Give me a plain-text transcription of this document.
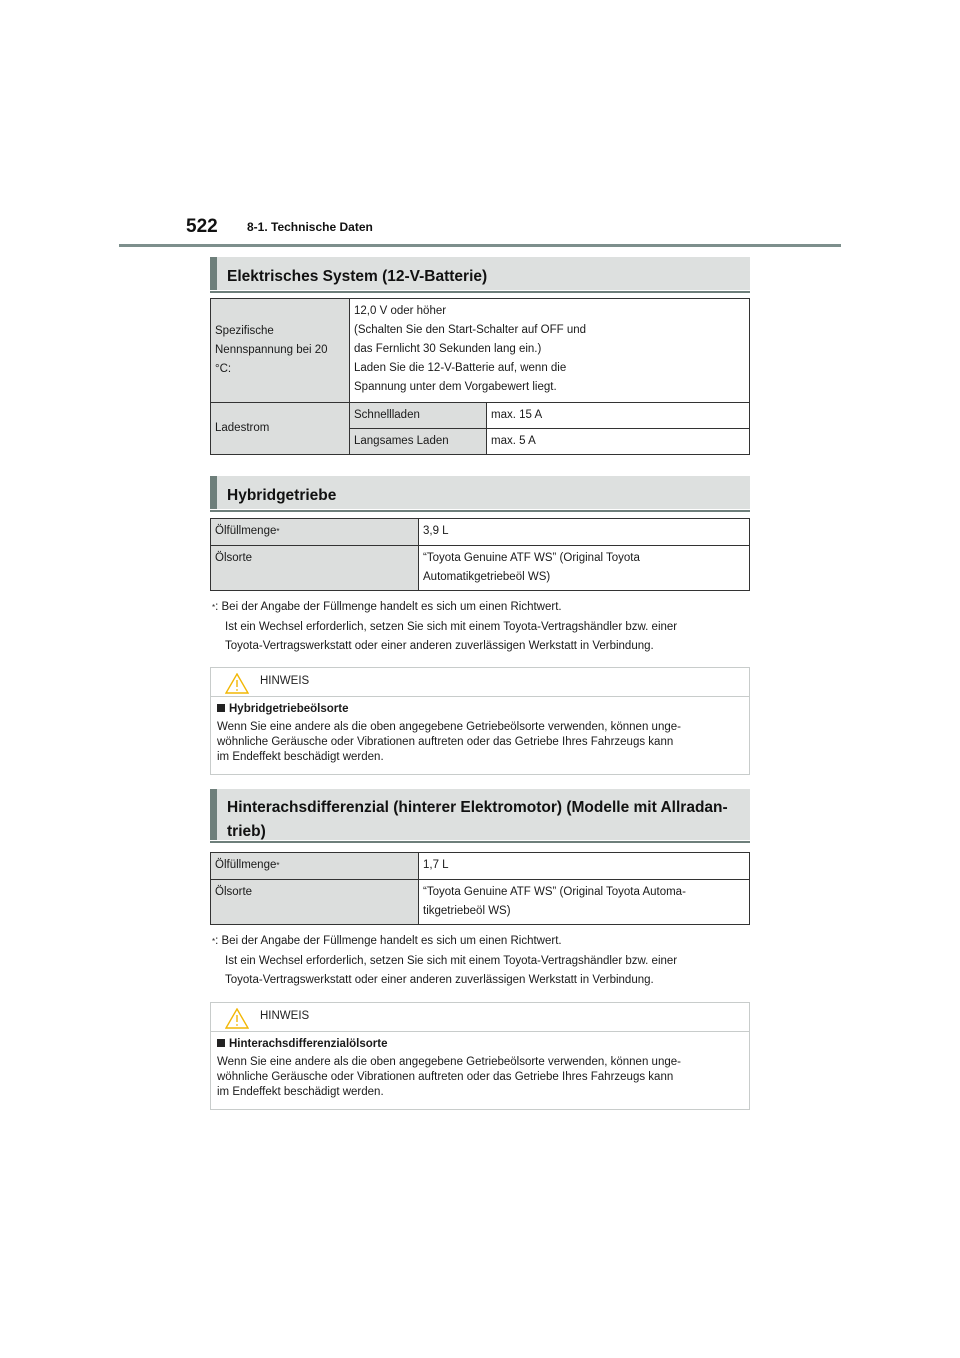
522 8-1. Technische Daten
Elektrisches System (12-V-Batterie)
Spezifische Nennspannung bei 20 °C:	12,0 V oder höher
(Schalten Sie den Start-Schalter auf OFF und
das Fernlicht 30 Sekunden lang ein.)
Laden Sie die 12-V-Batterie auf, wenn die
Spannung unter dem Vorgabewert liegt.	

Ladestrom	Schnellladen	max. 15 A
	Langsames Laden	max. 5 A
Hybridgetriebe
Ölfüllmenge*	3,9 L
Ölsorte	“Toyota Genuine ATF WS” (Original Toyota
Automatikgetriebeöl WS)
*: Bei der Angabe der Füllmenge handelt es sich um einen Richtwert.
Ist ein Wechsel erforderlich, setzen Sie sich mit einem Toyota-Vertragshändler bzw. einer
Toyota-Vertragswerkstatt oder einer anderen zuverlässigen Werkstatt in Verbindung.
HINWEIS
Hybridgetriebeölsorte
Wenn Sie eine andere als die oben angegebene Getriebeölsorte verwenden, können unge-
wöhnliche Geräusche oder Vibrationen auftreten oder das Getriebe Ihres Fahrzeugs kann
im Endeffekt beschädigt werden.
Hinterachsdifferenzial (hinterer Elektromotor) (Modelle mit Allradan-
trieb)
Ölfüllmenge*	1,7 L
Ölsorte	“Toyota Genuine ATF WS” (Original Toyota Automa-
tikgetriebeöl WS)
*: Bei der Angabe der Füllmenge handelt es sich um einen Richtwert.
Ist ein Wechsel erforderlich, setzen Sie sich mit einem Toyota-Vertragshändler bzw. einer
Toyota-Vertragswerkstatt oder einer anderen zuverlässigen Werkstatt in Verbindung.
HINWEIS
Hinterachsdifferenzialölsorte
Wenn Sie eine andere als die oben angegebene Getriebeölsorte verwenden, können unge-
wöhnliche Geräusche oder Vibrationen auftreten oder das Getriebe Ihres Fahrzeugs kann
im Endeffekt beschädigt werden.
